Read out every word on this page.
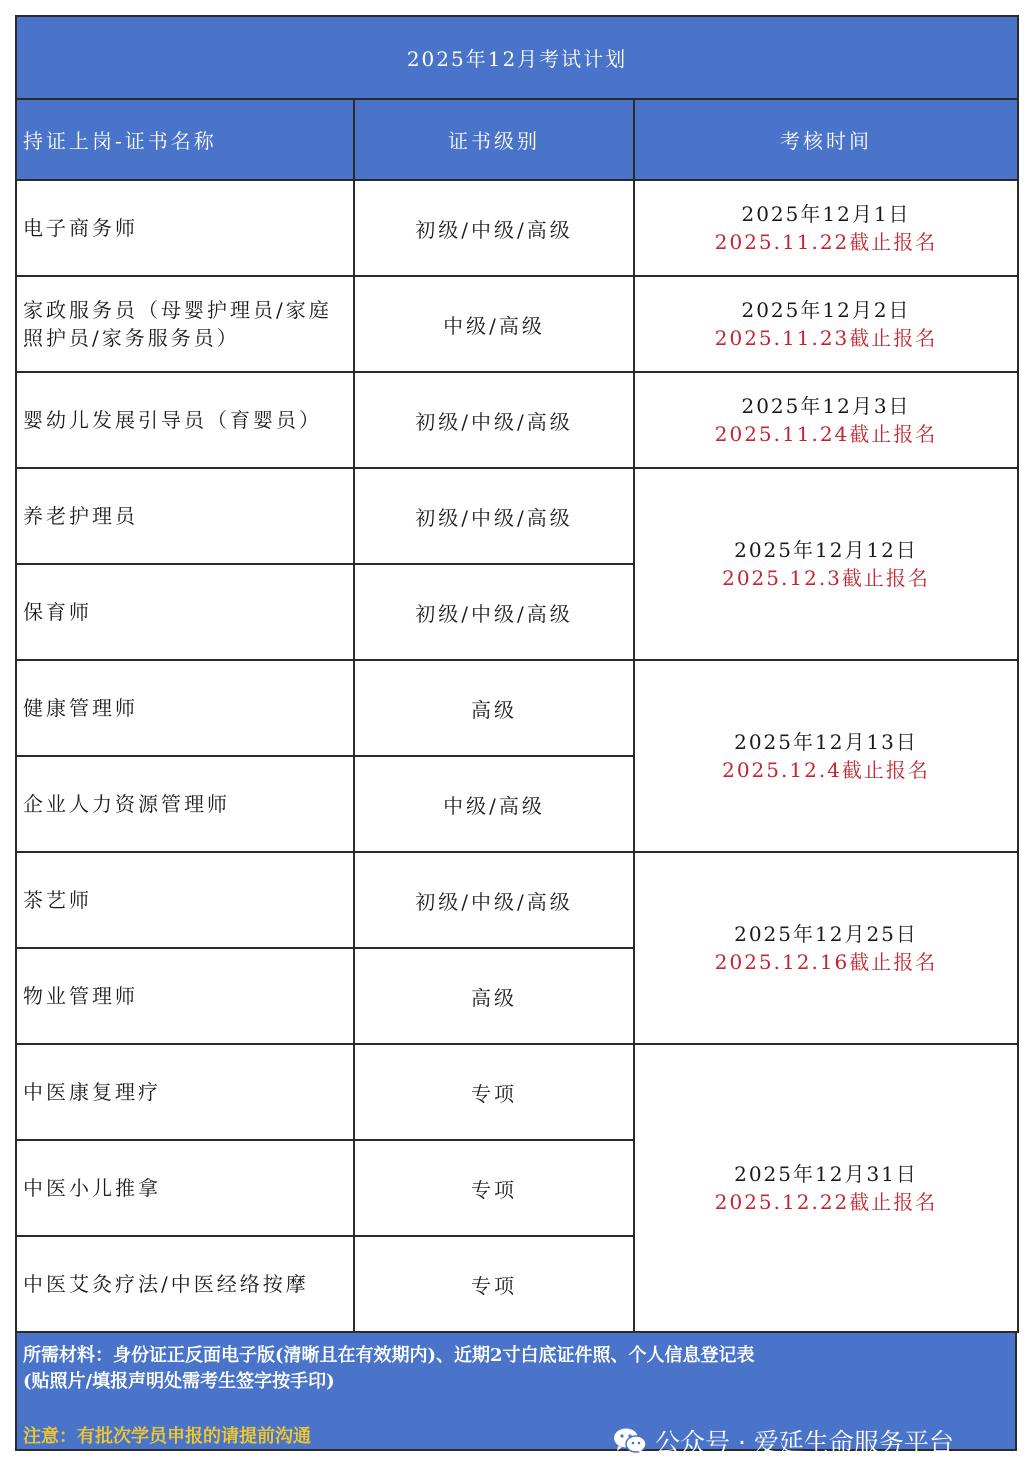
2025年12月考试计划		
持证上岗-证书名称	证书级别	考核时间
电子商务师	初级/中级/高级	2025年12月1日
2025.11.22截止报名

家政服务员（母婴护理员/家庭照护员/家务服务员）	中级/高级	2025年12月2日
2025.11.23截止报名

婴幼儿发展引导员（育婴员）	初级/中级/高级	2025年12月3日
2025.11.24截止报名

养老护理员	初级/中级/高级	2025年12月12日
2025.12.3截止报名

保育师	初级/中级/高级	
健康管理师	高级	2025年12月13日
2025.12.4截止报名

企业人力资源管理师	中级/高级	
茶艺师	初级/中级/高级	2025年12月25日
2025.12.16截止报名

物业管理师	高级	
中医康复理疗	专项	2025年12月31日
2025.12.22截止报名

中医小儿推拿	专项	
中医艾灸疗法/中医经络按摩	专项	
所需材料：身份证正反面电子版(清晰且在有效期内)、近期2寸白底证件照、个人信息登记表(贴照片/填报声明处需考生签字按手印)
注意：有批次学员申报的请提前沟通	公众号 · 爱延生命服务平台
